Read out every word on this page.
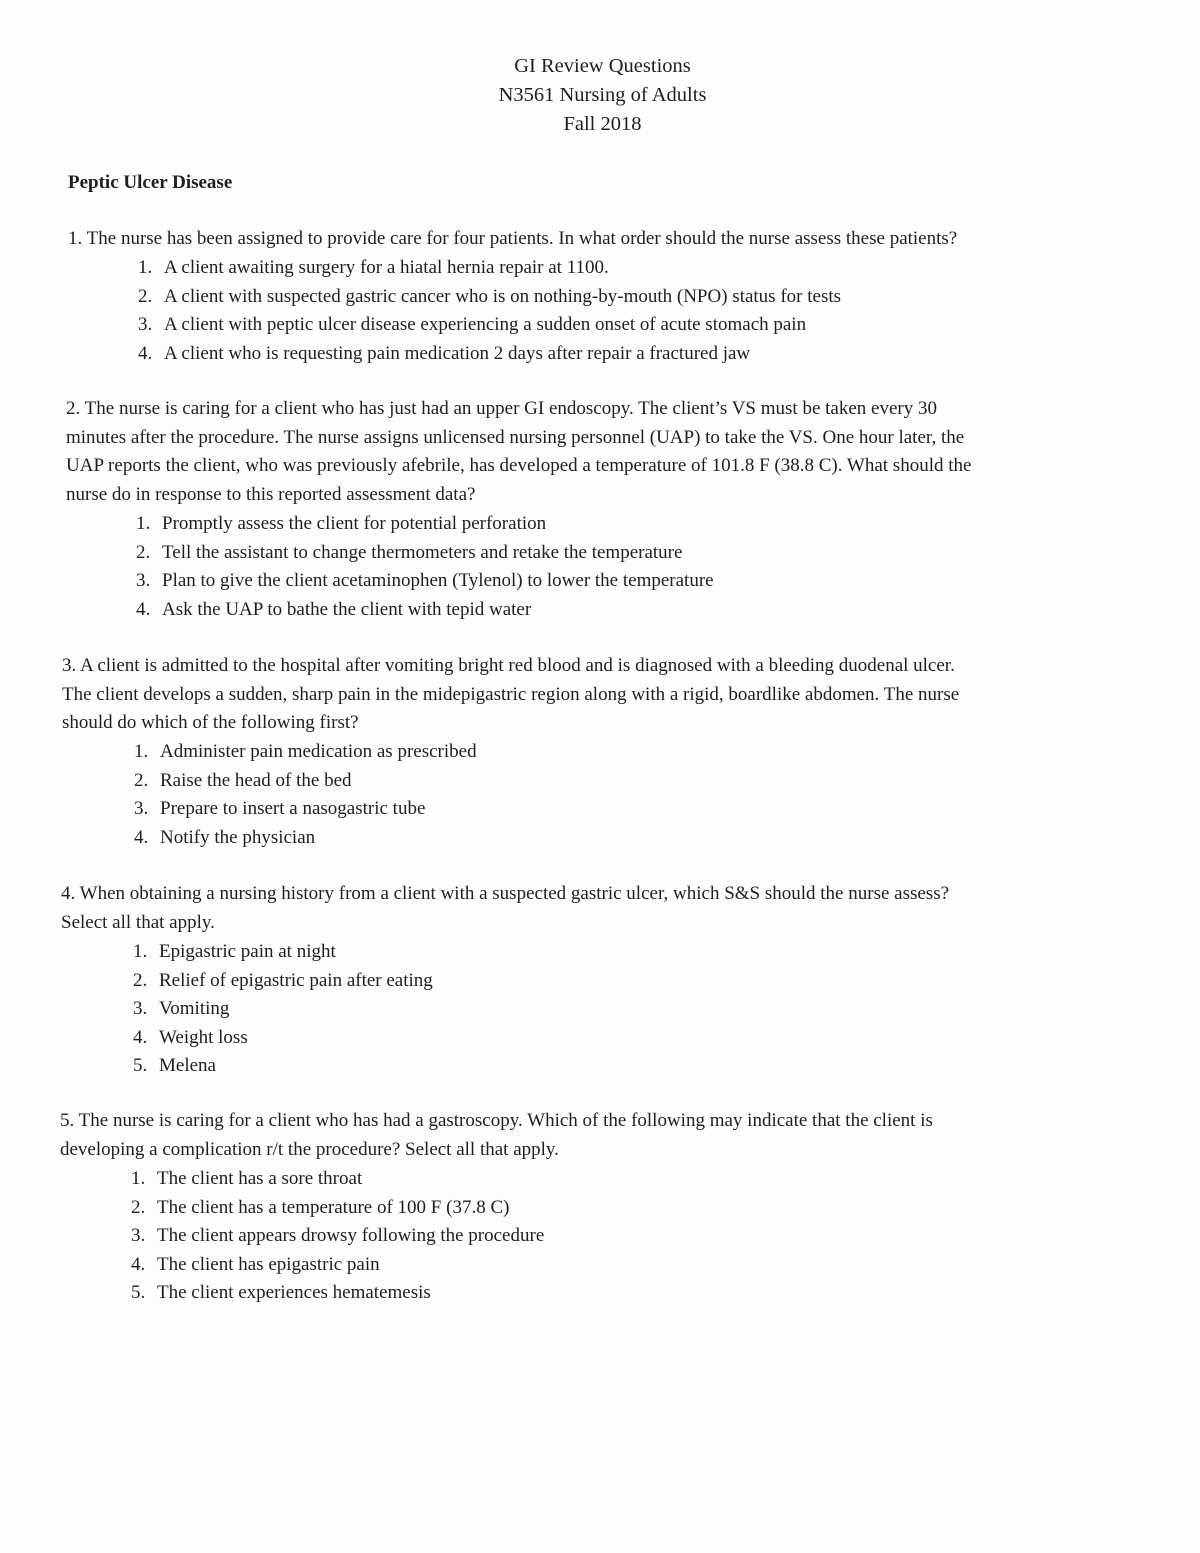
GI Review Questions
N3561 Nursing of Adults
Fall 2018
Peptic Ulcer Disease
1. The nurse has been assigned to provide care for four patients. In what order should the nurse assess these patients?
1. A client awaiting surgery for a hiatal hernia repair at 1100.
2. A client with suspected gastric cancer who is on nothing-by-mouth (NPO) status for tests
3. A client with peptic ulcer disease experiencing a sudden onset of acute stomach pain
4. A client who is requesting pain medication 2 days after repair a fractured jaw
2. The nurse is caring for a client who has just had an upper GI endoscopy. The client’s VS must be taken every 30
minutes after the procedure. The nurse assigns unlicensed nursing personnel (UAP) to take the VS. One hour later, the
UAP reports the client, who was previously afebrile, has developed a temperature of 101.8 F (38.8 C). What should the
nurse do in response to this reported assessment data?
1. Promptly assess the client for potential perforation
2. Tell the assistant to change thermometers and retake the temperature
3. Plan to give the client acetaminophen (Tylenol) to lower the temperature
4. Ask the UAP to bathe the client with tepid water
3. A client is admitted to the hospital after vomiting bright red blood and is diagnosed with a bleeding duodenal ulcer.
The client develops a sudden, sharp pain in the midepigastric region along with a rigid, boardlike abdomen. The nurse
should do which of the following first?
1. Administer pain medication as prescribed
2. Raise the head of the bed
3. Prepare to insert a nasogastric tube
4. Notify the physician
4. When obtaining a nursing history from a client with a suspected gastric ulcer, which S&S should the nurse assess?
Select all that apply.
1. Epigastric pain at night
2. Relief of epigastric pain after eating
3. Vomiting
4. Weight loss
5. Melena
5. The nurse is caring for a client who has had a gastroscopy. Which of the following may indicate that the client is
developing a complication r/t the procedure? Select all that apply.
1. The client has a sore throat
2. The client has a temperature of 100 F (37.8 C)
3. The client appears drowsy following the procedure
4. The client has epigastric pain
5. The client experiences hematemesis
